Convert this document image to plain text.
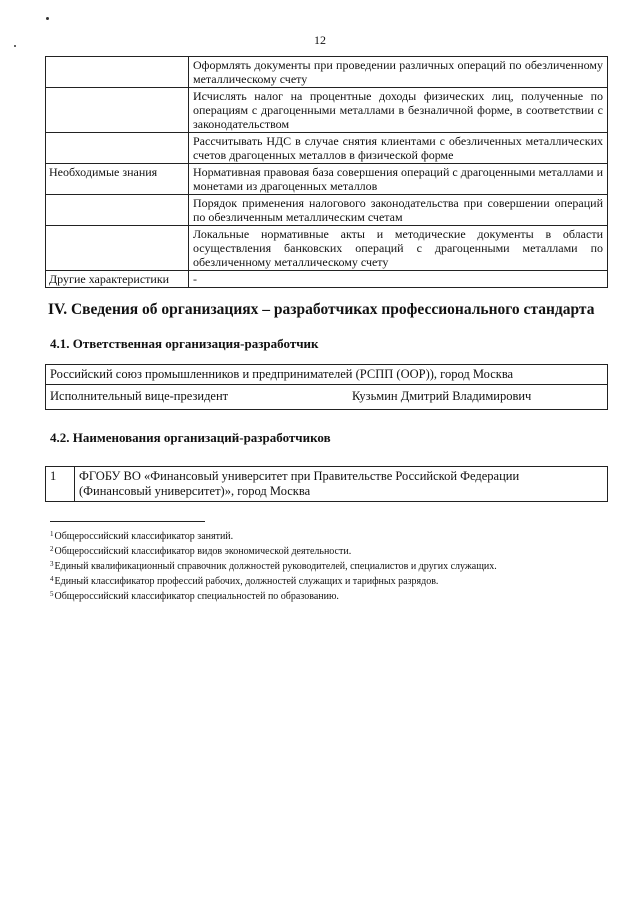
12
	Оформлять документы при проведении различных операций по обезличенному металлическому счету
	Исчислять налог на процентные доходы физических лиц, полученные по операциям с драгоценными металлами в безналичной форме, в соответствии с законодательством
	Рассчитывать НДС в случае снятия клиентами с обезличенных металлических счетов драгоценных металлов в физической форме
Необходимые знания	Нормативная правовая база совершения операций с драгоценными металлами и монетами из драгоценных металлов
	Порядок применения налогового законодательства при совершении операций по обезличенным металлическим счетам
	Локальные нормативные акты и методические документы в области осуществления банковских операций с драгоценными металлами по обезличенному металлическому счету
Другие характеристики	-
IV. Сведения об организациях – разработчиках профессионального стандарта
4.1. Ответственная организация-разработчик
Российский союз промышленников и предпринимателей (РСПП (ООР)), город Москва
Исполнительный вице-президент	Кузьмин Дмитрий Владимирович
4.2. Наименования организаций-разработчиков
1	ФГОБУ ВО «Финансовый университет при Правительстве Российской Федерации (Финансовый университет)», город Москва
$^1$Общероссийский классификатор занятий.
$^2$Общероссийский классификатор видов экономической деятельности.
$^3$Единый квалификационный справочник должностей руководителей, специалистов и других служащих.
$^4$Единый классификатор профессий рабочих, должностей служащих и тарифных разрядов.
$^5$Общероссийский классификатор специальностей по образованию.
